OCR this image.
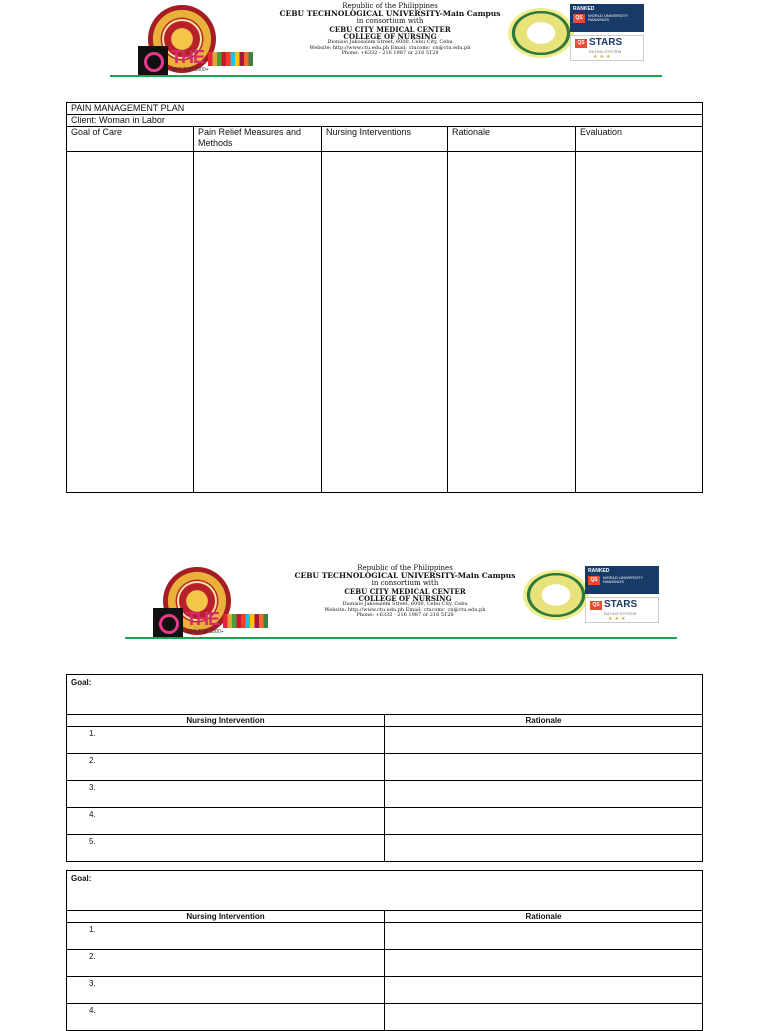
THE
SDG TOP 1000+
Republic of the Philippines
CEBU TECHNOLOGICAL UNIVERSITY-Main Campus
in consortium with
CEBU CITY MEDICAL CENTER
COLLEGE OF NURSING
Dionisio Jakosalem Street, 6000, Cebu City, Cebu
Website: http://www.ctu.edu.ph Email: ctucomc_cn@ctu.edu.ph
Phone: +6332 - 216 1987 or 216 5128
RANKED
QS	WORLD UNIVERSITY RANKINGS
QS STARS
RATING SYSTEM
★★★
PAIN MANAGEMENT PLAN				
Client: Woman in Labor				
Goal of Care	Pain Relief Measures and Methods	Nursing Interventions	Rationale	Evaluation

THE
SDG TOP 1000+
Republic of the Philippines
CEBU TECHNOLOGICAL UNIVERSITY-Main Campus
in consortium with
CEBU CITY MEDICAL CENTER
COLLEGE OF NURSING
Dionisio Jakosalem Street, 6000, Cebu City, Cebu
Website: http://www.ctu.edu.ph Email: ctucomc_cn@ctu.edu.ph
Phone: +6332 - 216 1987 or 216 5128
RANKED
QS	WORLD UNIVERSITY RANKINGS
QS STARS
RATING SYSTEM
★★★
Goal:	
Nursing Intervention	Rationale
1.	
2.	
3.	
4.	
5.	
Goal:	
Nursing Intervention	Rationale
1.	
2.	
3.	
4.	
